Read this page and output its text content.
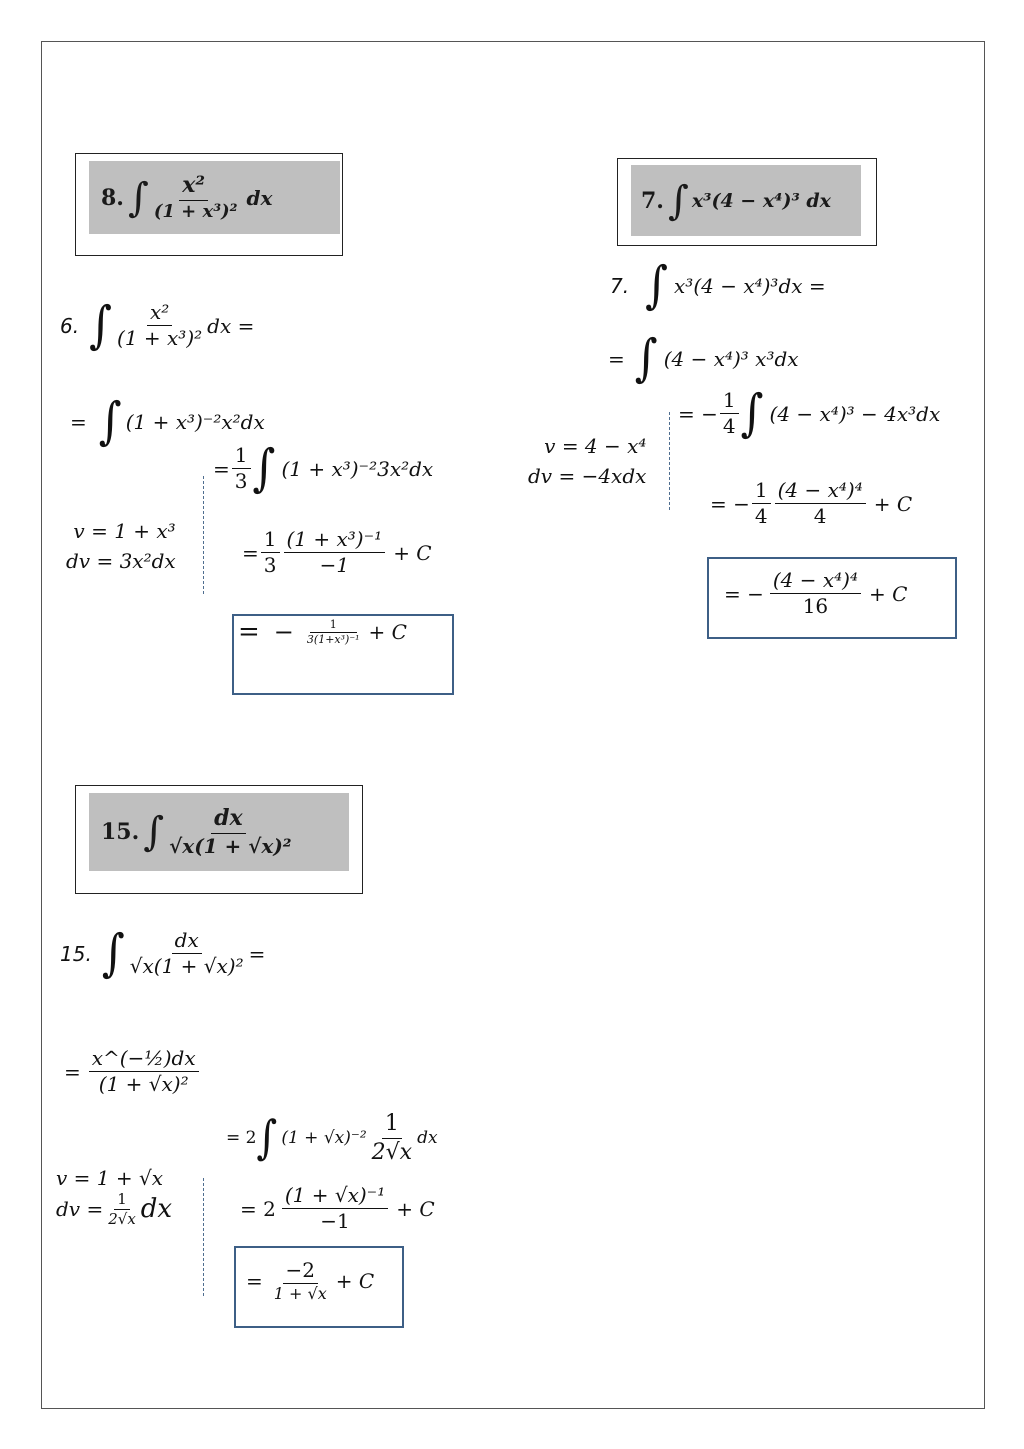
8. ∫ $\frac{\text{x²}}{\text{(1 + x³)²}}$ dx	7. ∫ x³(4 − x⁴)³ dx
15. ∫ $\frac{dx}{\text{√x(1 + √x)²}}$
6. ∫ $\frac{\text{x²}}{\text{(1 + x³)²}}$ dx =
= ∫ (1 + x³)⁻²x²dx
= $\frac{1}{3}$ ∫ (1 + x³)⁻²3x²dx
v = 1 + x³
dv = 3x²dx	= $\frac{1}{3} \frac{\text{(1 + x³)⁻¹}}{-1} + C$
= − $\frac{1}{\text{3(1+x³)⁻¹}} + C$
7. ∫ x³(4 − x⁴)³dx =
= ∫ (4 − x⁴)³ x³dx
= − $\frac{1}{4}$ ∫ (4 − x⁴)³ − 4x³dx
v = 4 − x⁴
dv = −4xdx
= − $\frac{1}{4} \frac{\text{(4 − x⁴)⁴}}{4} + C$
= − $\frac{\text{(4 − x⁴)⁴}}{16} + C$
15. ∫ $\frac{dx}{\text{√x(1 + √x)²}}$ =
= $\frac{\text{x\textasciicircum{}(−½)dx}}{\text{(1 + √x)²}}$
= 2 ∫ $(1 + √x)^{-2} \frac{1}{2√x}$ dx
v = 1 + √x
dv = $\frac{1}{2√x}$ dx	= $2 \frac{\text{(1 + √x)⁻¹}}{-1} + C$
= $\frac{-2}{1 + √x} + C$
